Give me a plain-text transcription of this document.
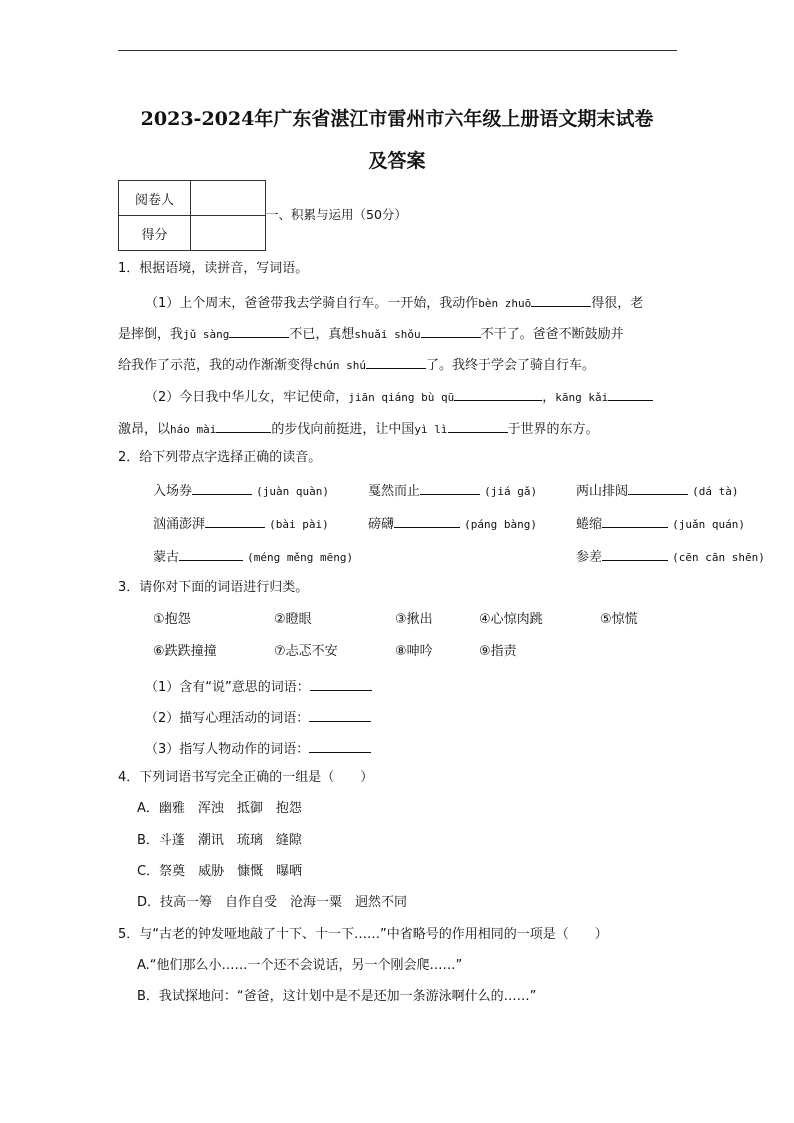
2023-2024年广东省湛江市雷州市六年级上册语文期末试卷
及答案
阅卷人	
得分	
一、积累与运用（50分）
1．根据语境，读拼音，写词语。
（1）上个周末，爸爸带我去学骑自行车。一开始，我动作bèn zhuō	得很，老
是摔倒，我jǔ sàng	不已，真想shuǎi shǒu	不干了。爸爸不断鼓励并
给我作了示范，我的动作渐渐变得chún shú	了。我终于学会了骑自行车。
（2）今日我中华儿女，牢记使命，jiān qiáng bù qū	，kāng kǎi
激昂，以háo mài	的步伐向前挺进，让中国yì lì	于世界的东方。
2．给下列带点字选择正确的读音。
入场券	(juàn quàn)	戛然而止	(jiá gǎ)	两山排闼	(dá tà)
汹涌澎湃	(bài pài)	磅礴	(páng bàng)	蜷缩	(juǎn quán)
蒙古	(méng měng mēng)	参差	(cēn cān shēn)
3．请你对下面的词语进行归类。
①抱怨	②瞪眼	③揪出	④心惊肉跳	⑤惊慌
⑥跌跌撞撞	⑦忐忑不安	⑧呻吟	⑨指责
（1）含有“说”意思的词语：
（2）描写心理活动的词语：
（3）指写人物动作的词语：
4．下列词语书写完全正确的一组是（　　）
A．幽雅　浑浊　抵御　抱怨
B．斗蓬　潮讯　琉璃　缝隙
C．祭奠　威胁　慷慨　曝晒
D．技高一筹　自作自受　沧海一粟　迥然不同
5．与“古老的钟发哑地敲了十下、十一下……”中省略号的作用相同的一项是（　　）
A.“他们那么小……一个还不会说话，另一个刚会爬……”
B．我试探地问：“爸爸，这计划中是不是还加一条游泳啊什么的……”
